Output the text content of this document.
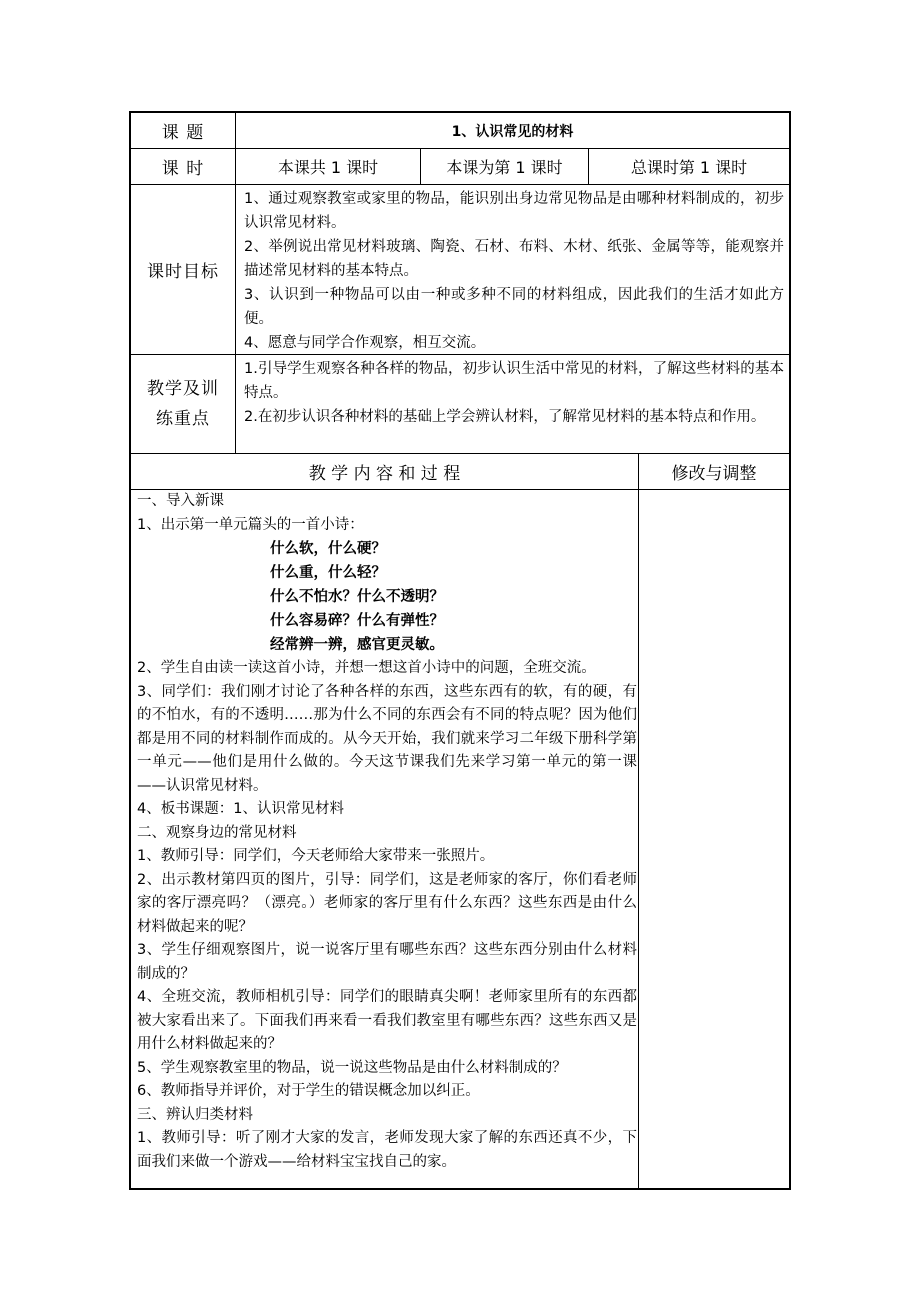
课 题	1、认识常见的材料
课 时	本课共 1 课时	本课为第 1 课时	总课时第 1 课时
课时目标

1、通过观察教室或家里的物品，能识别出身边常见物品是由哪种材料制成的，初步认识常见材料。

2、举例说出常见材料玻璃、陶瓷、石材、布料、木材、纸张、金属等等，能观察并描述常见材料的基本特点。

3、认识到一种物品可以由一种或多种不同的材料组成，因此我们的生活才如此方便。

4、愿意与同学合作观察，相互交流。

教学及训
练重点

1.引导学生观察各种各样的物品，初步认识生活中常见的材料，了解这些材料的基本特点。

2.在初步认识各种材料的基础上学会辨认材料，了解常见材料的基本特点和作用。

教 学 内 容 和 过 程	修改与调整

一、导入新课

1、出示第一单元篇头的一首小诗：

什么软，什么硬？

什么重，什么轻？

什么不怕水？什么不透明？

什么容易碎？什么有弹性？

经常辨一辨，感官更灵敏。

2、学生自由读一读这首小诗，并想一想这首小诗中的问题，全班交流。

3、同学们：我们刚才讨论了各种各样的东西，这些东西有的软，有的硬，有的不怕水，有的不透明……那为什么不同的东西会有不同的特点呢？因为他们都是用不同的材料制作而成的。从今天开始，我们就来学习二年级下册科学第一单元——他们是用什么做的。今天这节课我们先来学习第一单元的第一课——认识常见材料。

4、板书课题：1、认识常见材料

二、观察身边的常见材料

1、教师引导：同学们，今天老师给大家带来一张照片。

2、出示教材第四页的图片，引导：同学们，这是老师家的客厅，你们看老师家的客厅漂亮吗？（漂亮。）老师家的客厅里有什么东西？这些东西是由什么材料做起来的呢？

3、学生仔细观察图片，说一说客厅里有哪些东西？这些东西分别由什么材料制成的？

4、全班交流，教师相机引导：同学们的眼睛真尖啊！老师家里所有的东西都被大家看出来了。下面我们再来看一看我们教室里有哪些东西？这些东西又是用什么材料做起来的？

5、学生观察教室里的物品，说一说这些物品是由什么材料制成的？

6、教师指导并评价，对于学生的错误概念加以纠正。

三、辨认归类材料

1、教师引导：听了刚才大家的发言，老师发现大家了解的东西还真不少，下面我们来做一个游戏——给材料宝宝找自己的家。
